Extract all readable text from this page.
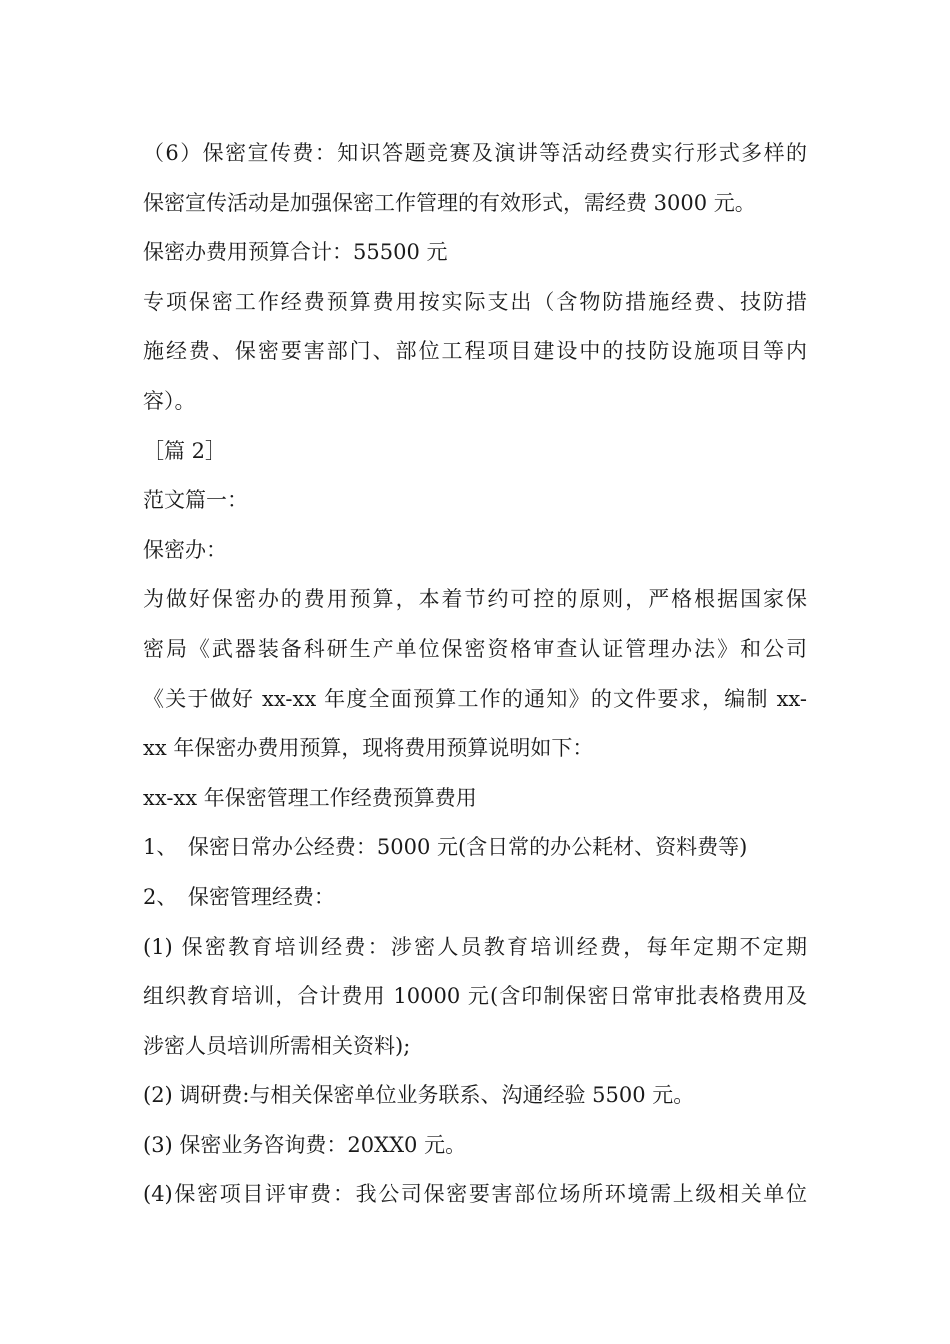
（6）保密宣传费：知识答题竞赛及演讲等活动经费实行形式多样的
保密宣传活动是加强保密工作管理的有效形式，需经费 3000 元。
保密办费用预算合计：55500 元
专项保密工作经费预算费用按实际支出（含物防措施经费、技防措
施经费、保密要害部门、部位工程项目建设中的技防设施项目等内
容）。
［篇 2］
范文篇一：
保密办：
为做好保密办的费用预算，本着节约可控的原则，严格根据国家保
密局《武器装备科研生产单位保密资格审查认证管理办法》和公司
《关于做好 xx-xx 年度全面预算工作的通知》的文件要求，编制 xx-
xx 年保密办费用预算，现将费用预算说明如下：
xx-xx 年保密管理工作经费预算费用
1、　保密日常办公经费：5000 元(含日常的办公耗材、资料费等)
2、　保密管理经费：
(1) 保密教育培训经费：涉密人员教育培训经费，每年定期不定期
组织教育培训，合计费用 10000 元(含印制保密日常审批表格费用及
涉密人员培训所需相关资料);
(2) 调研费:与相关保密单位业务联系、沟通经验 5500 元。
(3) 保密业务咨询费：20XX0 元。
(4)保密项目评审费：我公司保密要害部位场所环境需上级相关单位
